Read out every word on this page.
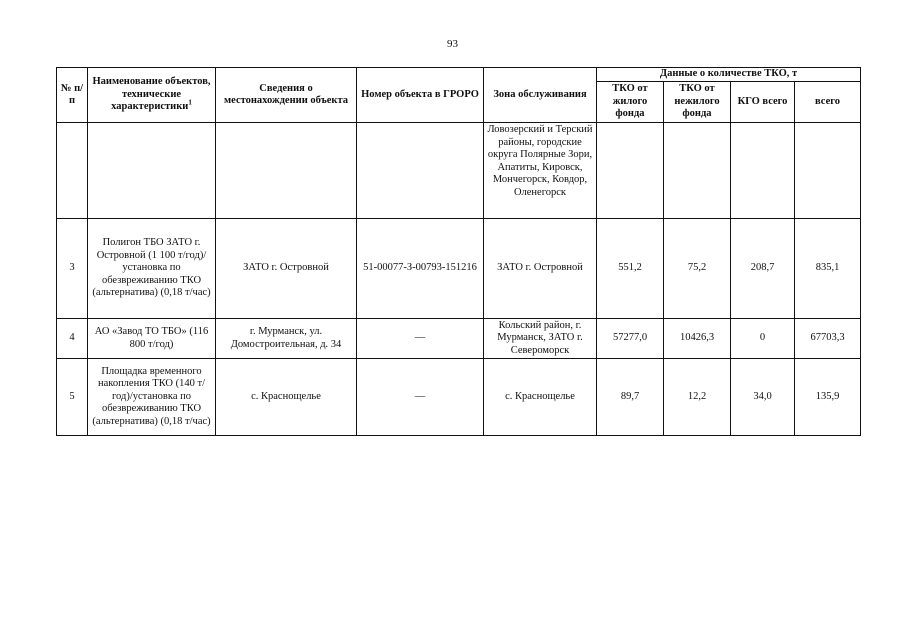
93
№ п/п	Наименование объектов, технические характеристики$^1$	Сведения о местонахождении объекта	Номер объекта в ГРОРО	Зона обслуживания	Данные о количестве ТКО, т			
					ТКО от жилого фонда	ТКО от нежилого фонда	КГО всего	всего
				Ловозерский и Терский районы, городские округа Полярные Зори, Апатиты, Кировск, Мончегорск, Ковдор, Оленегорск				
3	Полигон ТБО ЗАТО г. Островной (1 100 т/год)/ установка по обезвреживанию ТКО (альтернатива) (0,18 т/час)	ЗАТО г. Островной	51-00077-З-00793-151216	ЗАТО г. Островной	551,2	75,2	208,7	835,1
4	АО «Завод ТО ТБО» (116 800 т/год)	г. Мурманск, ул. Домостроительная, д. 34	—	Кольский район, г. Мурманск, ЗАТО г. Североморск	57277,0	10426,3	0	67703,3
5	Площадка временного накопления ТКО (140 т/год)/установка по обезвреживанию ТКО (альтернатива) (0,18 т/час)	с. Краснощелье	—	с. Краснощелье	89,7	12,2	34,0	135,9
